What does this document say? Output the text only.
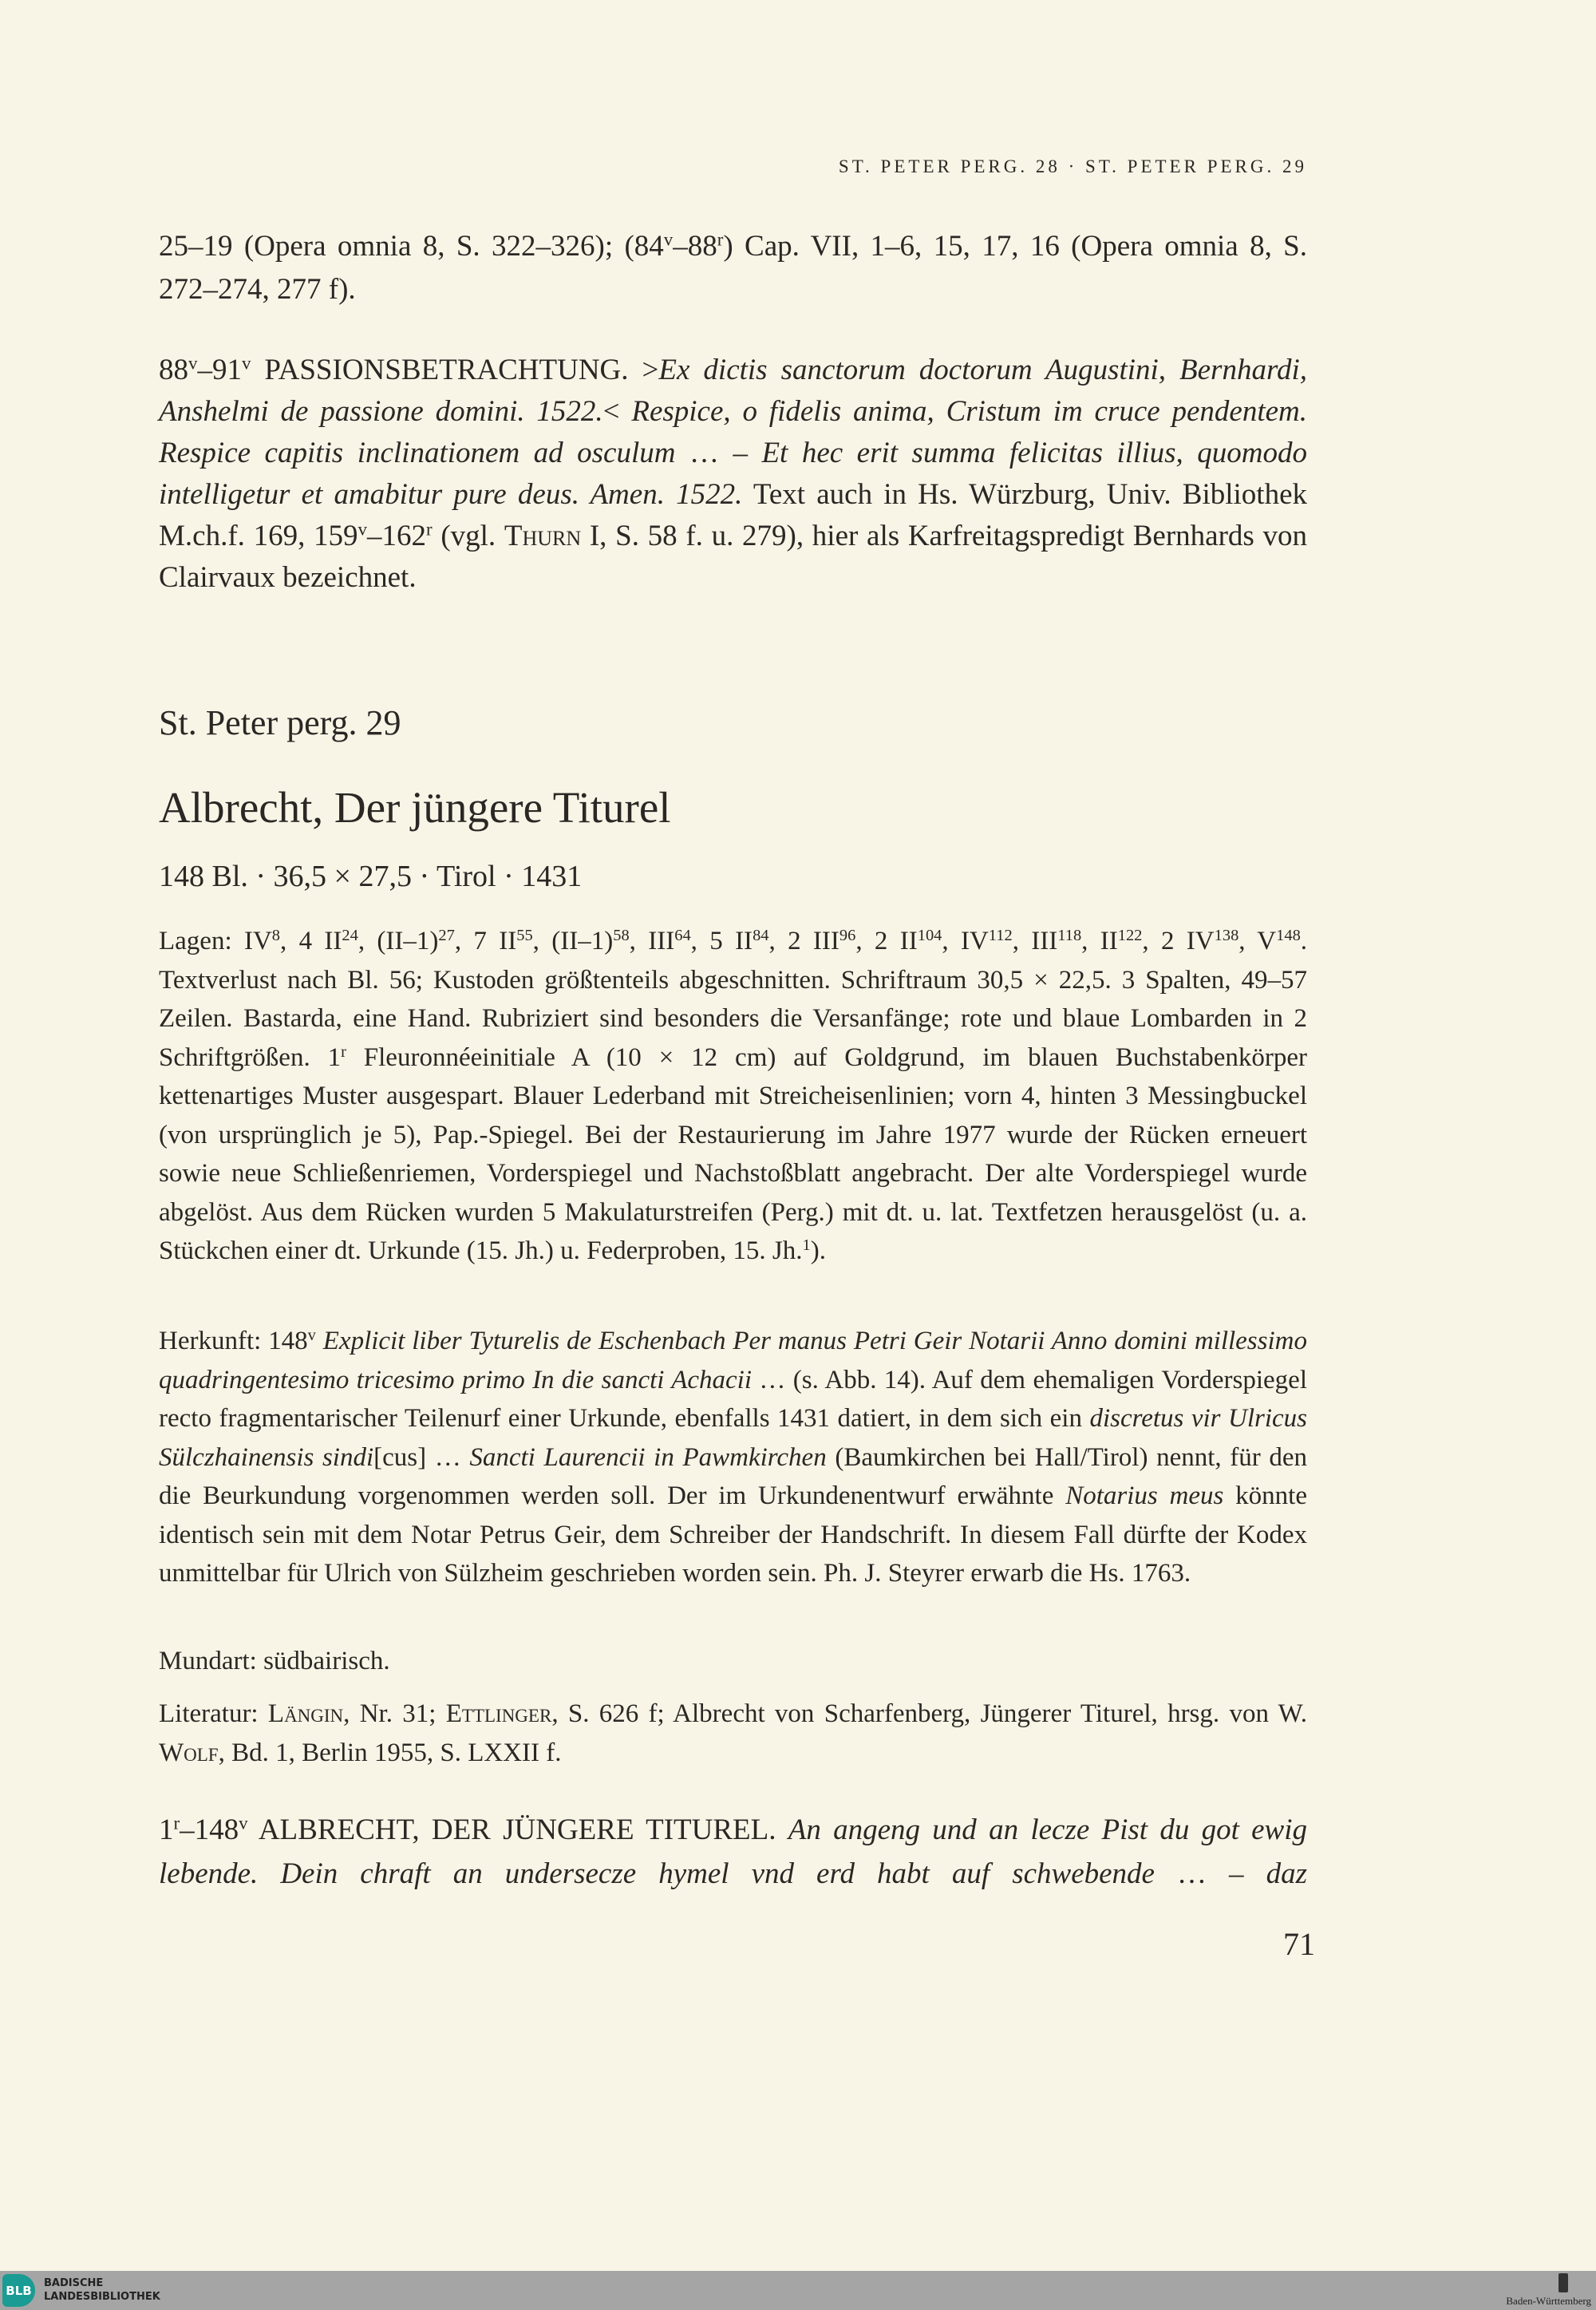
ST. PETER PERG. 28 · ST. PETER PERG. 29
25–19 (Opera omnia 8, S. 322–326); (84$^v$–88$^r$) Cap. VII, 1–6, 15, 17, 16 (Opera omnia 8, S. 272–274, 277 f).
88$^v$–91$^v$ PASSIONSBETRACHTUNG. >Ex dictis sanctorum doctorum Augustini, Bernhardi, Anshelmi de passione domini. 1522.< Respice, o fidelis anima, Cristum im cruce pendentem. Respice capitis inclinationem ad osculum … – Et hec erit summa felicitas illius, quomodo intelligetur et amabitur pure deus. Amen. 1522. Text auch in Hs. Würzburg, Univ. Bibliothek M.ch.f. 169, 159$^v$–162$^r$ (vgl. Thurn I, S. 58 f. u. 279), hier als Karfreitagspredigt Bernhards von Clairvaux bezeichnet.
St. Peter perg. 29
Albrecht, Der jüngere Titurel
148 Bl. · 36,5 × 27,5 · Tirol · 1431
Lagen: $IV^8$, 4 II$^{24}$, $(II-1)^{27}$, 7 II$^{55}$, $(II-1)^{58}$, III$^{64}$, 5 II$^{84}$, 2 III$^{96}$, 2 II$^{104}$, IV$^{112}$, III$^{118}$, II$^{122}$, 2 IV$^{138}$, $V^{148}$. Textverlust nach Bl. 56; Kustoden größtenteils abgeschnitten. Schriftraum 30,5 × 22,5. 3 Spalten, 49–57 Zeilen. Bastarda, eine Hand. Rubriziert sind besonders die Versanfänge; rote und blaue Lombarden in 2 Schriftgrößen. 1$^r$ Fleuronnéeinitiale A (10 × 12 cm) auf Goldgrund, im blauen Buchstabenkörper kettenartiges Muster ausgespart. Blauer Lederband mit Streicheisenlinien; vorn 4, hinten 3 Messingbuckel (von ursprünglich je 5), Pap.-Spiegel. Bei der Restaurierung im Jahre 1977 wurde der Rücken erneuert sowie neue Schließenriemen, Vorderspiegel und Nachstoßblatt angebracht. Der alte Vorderspiegel wurde abgelöst. Aus dem Rücken wurden 5 Makulaturstreifen (Perg.) mit dt. u. lat. Textfetzen herausgelöst (u. a. Stückchen einer dt. Urkunde (15. Jh.) u. Federproben, 15. Jh.$^1$).
Herkunft: 148$^v$ Explicit liber Tyturelis de Eschenbach Per manus Petri Geir Notarii Anno domini millessimo quadringentesimo tricesimo primo In die sancti Achacii … (s. Abb. 14). Auf dem ehemaligen Vorderspiegel recto fragmentarischer Teilenurf einer Urkunde, ebenfalls 1431 datiert, in dem sich ein discretus vir Ulricus Sülczhainensis sindi[cus] … Sancti Laurencii in Pawmkirchen (Baumkirchen bei Hall/Tirol) nennt, für den die Beurkundung vorgenommen werden soll. Der im Urkundenentwurf erwähnte Notarius meus könnte identisch sein mit dem Notar Petrus Geir, dem Schreiber der Handschrift. In diesem Fall dürfte der Kodex unmittelbar für Ulrich von Sülzheim geschrieben worden sein. Ph. J. Steyrer erwarb die Hs. 1763.
Mundart: südbairisch.
Literatur: Längin, Nr. 31; Ettlinger, S. 626 f; Albrecht von Scharfenberg, Jüngerer Titurel, hrsg. von W. Wolf, Bd. 1, Berlin 1955, S. LXXII f.
1$^r$–148$^v$ ALBRECHT, DER JÜNGERE TITUREL. An angeng und an lecze Pist du got ewig lebende. Dein chraft an undersecze hymel vnd erd habt auf schwebende … – daz
71
BLB	BADISCHE
LANDESBIBLIOTHEK	Baden-Württemberg
